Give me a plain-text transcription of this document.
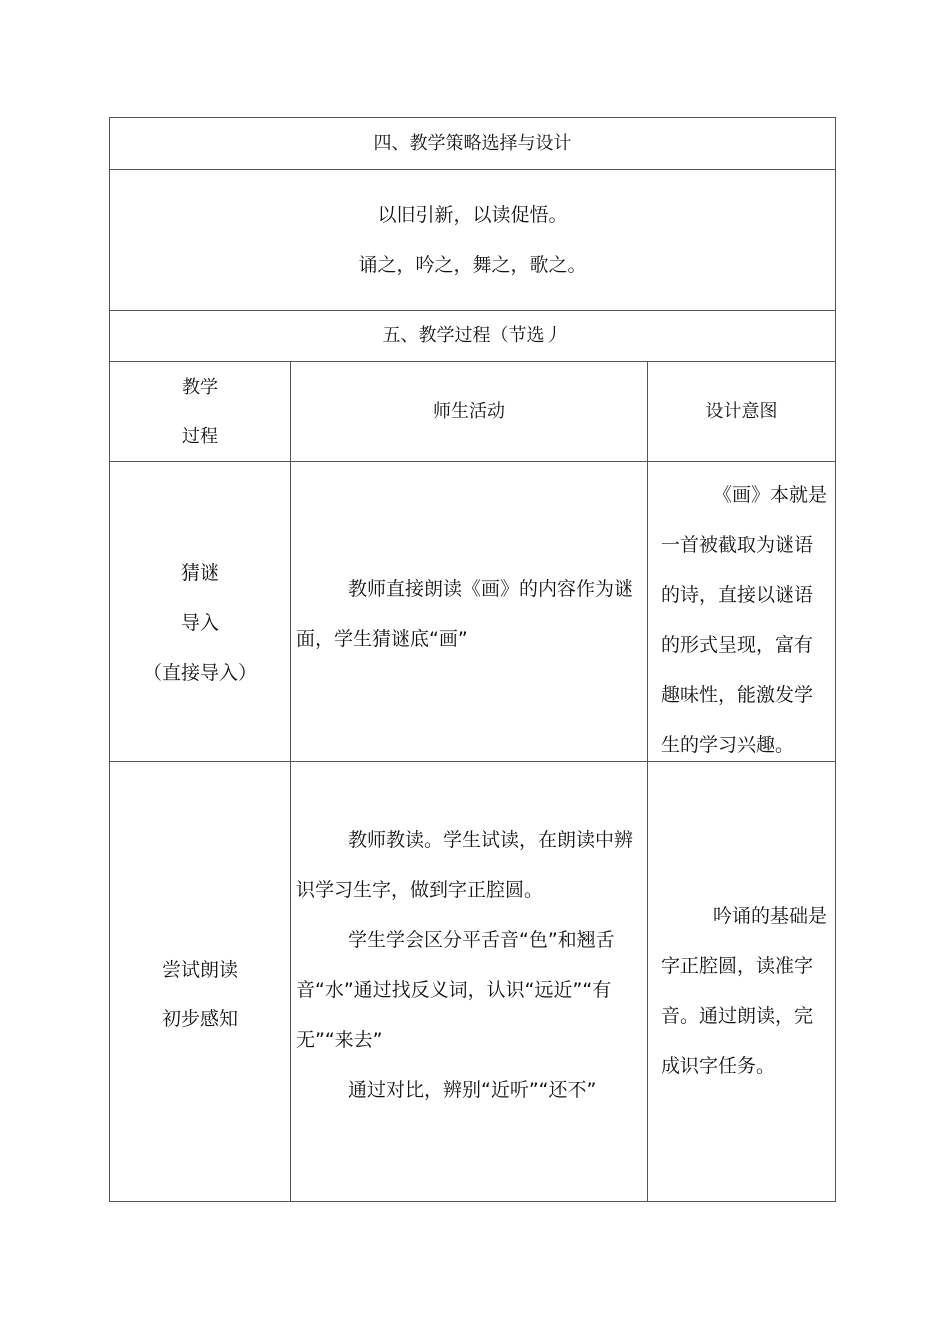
四、教学策略选择与设计
以旧引新，以读促悟。
诵之，吟之，舞之，歌之。
五、教学过程（节选丿
教学
过程
师生活动	设计意图
猜谜
导入
（直接导入）

教师直接朗读《画》的内容作为谜面，学生猜谜底“画”

《画》本就是一首被截取为谜语的诗，直接以谜语的形式呈现，富有趣味性，能激发学生的学习兴趣。

尝试朗读
初步感知

教师教读。学生试读，在朗读中辨识学习生字，做到字正腔圆。

学生学会区分平舌音“色”和翘舌音“水”通过找反义词，认识“远近”“有无”“来去”

通过对比，辨别“近听”“还不”

吟诵的基础是字正腔圆，读准字音。通过朗读，完成识字任务。
